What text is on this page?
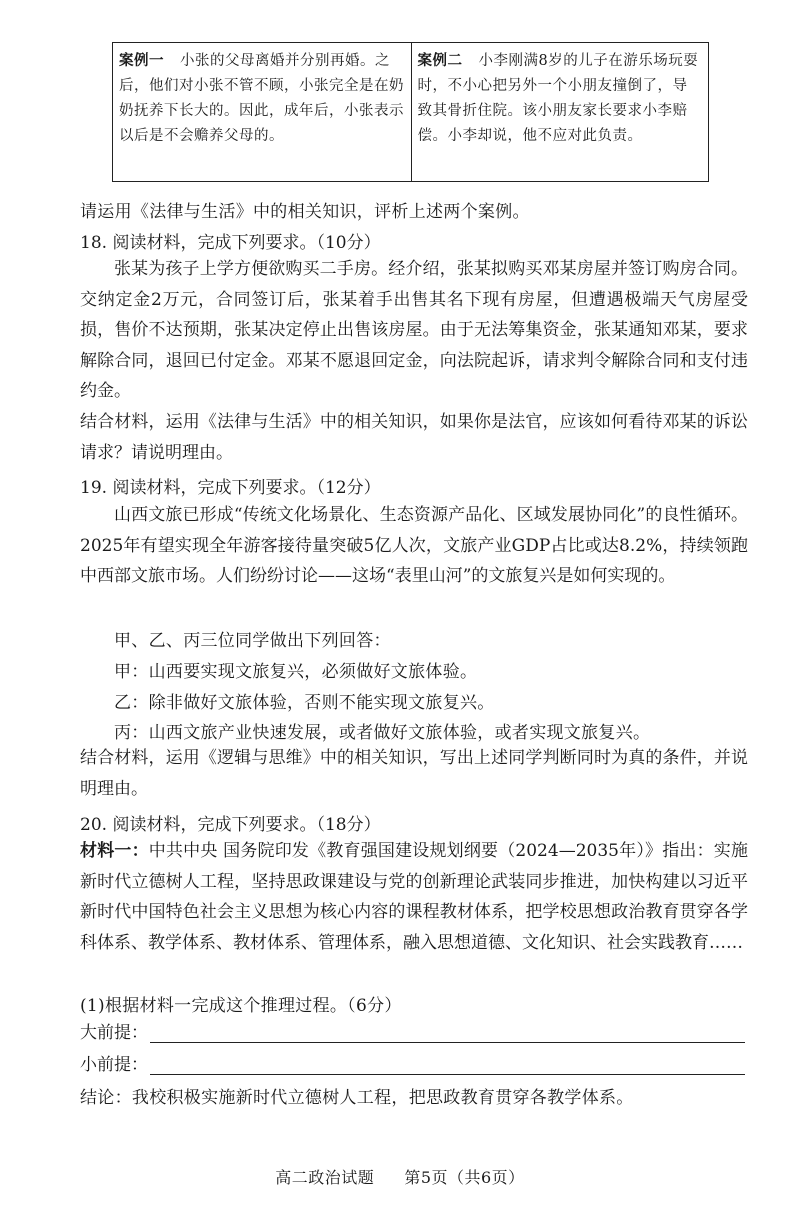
案例一 小张的父母离婚并分别再婚。之后，他们对小张不管不顾，小张完全是在奶奶抚养下长大的。因此，成年后，小张表示以后是不会赡养父母的。
案例二 小李刚满8岁的儿子在游乐场玩耍时，不小心把另外一个小朋友撞倒了，导致其骨折住院。该小朋友家长要求小李赔偿。小李却说，他不应对此负责。
请运用《法律与生活》中的相关知识，评析上述两个案例。
18. 阅读材料，完成下列要求。（10分）
张某为孩子上学方便欲购买二手房。经介绍，张某拟购买邓某房屋并签订购房合同。交纳定金2万元，合同签订后，张某着手出售其名下现有房屋，但遭遇极端天气房屋受损，售价不达预期，张某决定停止出售该房屋。由于无法筹集资金，张某通知邓某，要求解除合同，退回已付定金。邓某不愿退回定金，向法院起诉，请求判令解除合同和支付违约金。
结合材料，运用《法律与生活》中的相关知识，如果你是法官，应该如何看待邓某的诉讼请求？请说明理由。
19. 阅读材料，完成下列要求。（12分）
山西文旅已形成“传统文化场景化、生态资源产品化、区域发展协同化”的良性循环。2025年有望实现全年游客接待量突破5亿人次，文旅产业GDP占比或达8.2%，持续领跑中西部文旅市场。人们纷纷讨论——这场“表里山河”的文旅复兴是如何实现的。
甲、乙、丙三位同学做出下列回答：
甲：山西要实现文旅复兴，必须做好文旅体验。
乙：除非做好文旅体验，否则不能实现文旅复兴。
丙：山西文旅产业快速发展，或者做好文旅体验，或者实现文旅复兴。
结合材料，运用《逻辑与思维》中的相关知识，写出上述同学判断同时为真的条件，并说明理由。
20. 阅读材料，完成下列要求。（18分）
材料一：中共中央 国务院印发《教育强国建设规划纲要（2024—2035年）》指出：实施新时代立德树人工程，坚持思政课建设与党的创新理论武装同步推进，加快构建以习近平新时代中国特色社会主义思想为核心内容的课程教材体系，把学校思想政治教育贯穿各学科体系、教学体系、教材体系、管理体系，融入思想道德、文化知识、社会实践教育……
(1)根据材料一完成这个推理过程。（6分）
大前提：
小前提：
结论：我校积极实施新时代立德树人工程，把思政教育贯穿各教学体系。
高二政治试题 第5页（共6页）
